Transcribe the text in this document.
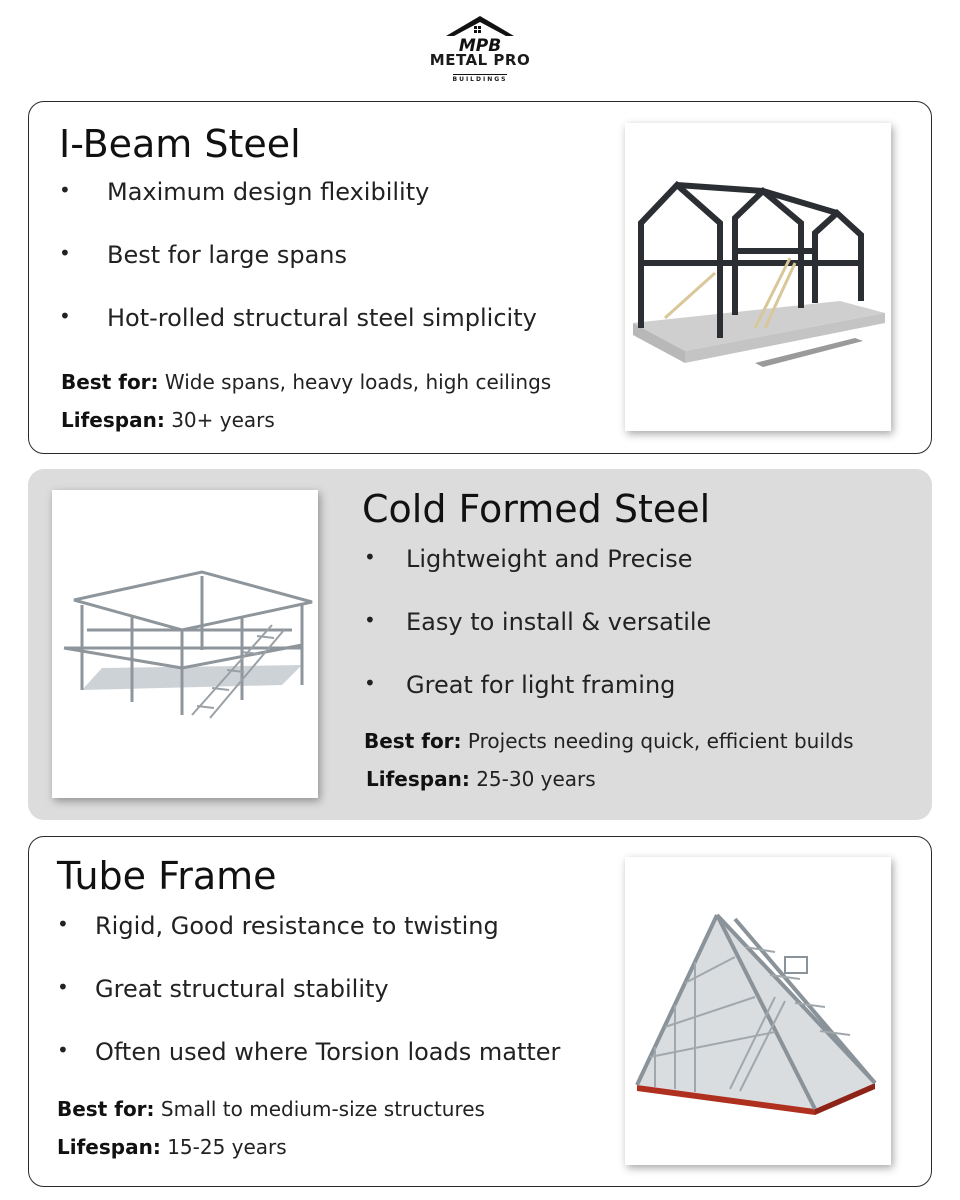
MPB
METAL PRO
BUILDINGS
I-Beam Steel
• Maximum design flexibility
• Best for large spans
• Hot-rolled structural steel simplicity
Best for: Wide spans, heavy loads, high ceilings
Lifespan: 30+ years
Cold Formed Steel
• Lightweight and Precise
• Easy to install & versatile
• Great for light framing
Best for: Projects needing quick, efficient builds
Lifespan: 25-30 years
Tube Frame
• Rigid, Good resistance to twisting
• Great structural stability
• Often used where Torsion loads matter
Best for: Small to medium-size structures
Lifespan: 15-25 years
